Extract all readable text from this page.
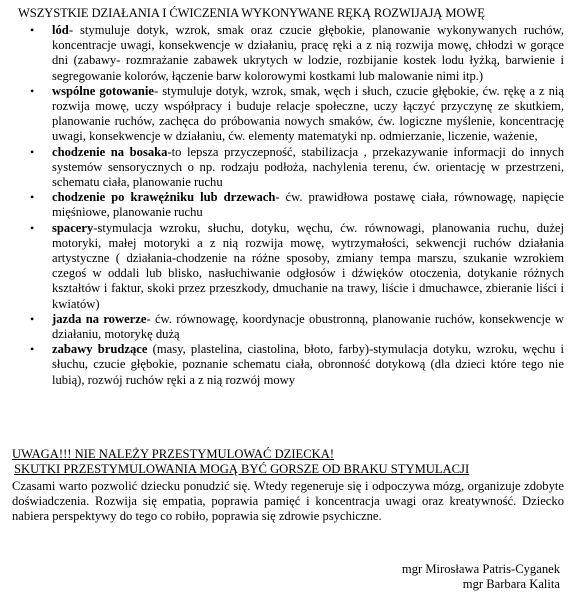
WSZYSTKIE DZIAŁANIA I ĆWICZENIA WYKONYWANE RĘKĄ ROZWIJAJĄ MOWĘ
•	lód- stymuluje dotyk, wzrok, smak oraz czucie głębokie, planowanie wykonywanych ruchów, koncentracje uwagi, konsekwencje w działaniu, pracę ręki a z nią rozwija mowę, chłodzi w gorące dni (zabawy- rozmrażanie zabawek ukrytych w lodzie, rozbijanie kostek lodu łyżką, barwienie i segregowanie kolorów, łączenie barw kolorowymi kostkami lub malowanie nimi itp.)
•	wspólne gotowanie- stymuluje dotyk, wzrok, smak, węch i słuch, czucie głębokie, ćw. rękę a z nią rozwija mowę, uczy współpracy i buduje relacje społeczne, uczy łączyć przyczynę ze skutkiem, planowanie ruchów, zachęca do próbowania nowych smaków, ćw. logiczne myślenie, koncentrację uwagi, konsekwencje w działaniu, ćw. elementy matematyki np. odmierzanie, liczenie, ważenie,
•	chodzenie na bosaka-to lepsza przyczepność, stabilizacja , przekazywanie informacji do innych systemów sensorycznych o np. rodzaju podłoża, nachylenia terenu, ćw. orientację w przestrzeni, schematu ciała, planowanie ruchu
•	chodzenie po krawężniku lub drzewach- ćw. prawidłowa postawę ciała, równowagę, napięcie mięśniowe, planowanie ruchu
•	spacery-stymulacja wzroku, słuchu, dotyku, węchu, ćw. równowagi, planowania ruchu, dużej motoryki, małej motoryki a z nią rozwija mowę, wytrzymałości, sekwencji ruchów działania artystyczne ( działania-chodzenie na różne sposoby, zmiany tempa marszu, szukanie wzrokiem czegoś w oddali lub blisko, nasłuchiwanie odgłosów i dźwięków otoczenia, dotykanie różnych kształtów i faktur, skoki przez przeszkody, dmuchanie na trawy, liście i dmuchawce, zbieranie liści i kwiatów)
•	jazda na rowerze- ćw. równowagę, koordynacje obustronną, planowanie ruchów, konsekwencje w działaniu, motorykę dużą
•	zabawy brudzące (masy, plastelina, ciastolina, błoto, farby)-stymulacja dotyku, wzroku, węchu i słuchu, czucie głębokie, poznanie schematu ciała, obronność dotykową (dla dzieci które tego nie lubią), rozwój ruchów ręki a z nią rozwój mowy
UWAGA!!! NIE NALEŻY PRZESTYMULOWAĆ DZIECKA!
SKUTKI PRZESTYMULOWANIA MOGĄ BYĆ GORSZE OD BRAKU STYMULACJI
Czasami warto pozwolić dziecku ponudzić się. Wtedy regeneruje się i odpoczywa mózg, organizuje zdobyte doświadczenia. Rozwija się empatia, poprawia pamięć i koncentracja uwagi oraz kreatywność. Dziecko nabiera perspektywy do tego co robiło, poprawia się zdrowie psychiczne.
mgr Mirosława Patris-Cyganek
mgr Barbara Kalita
